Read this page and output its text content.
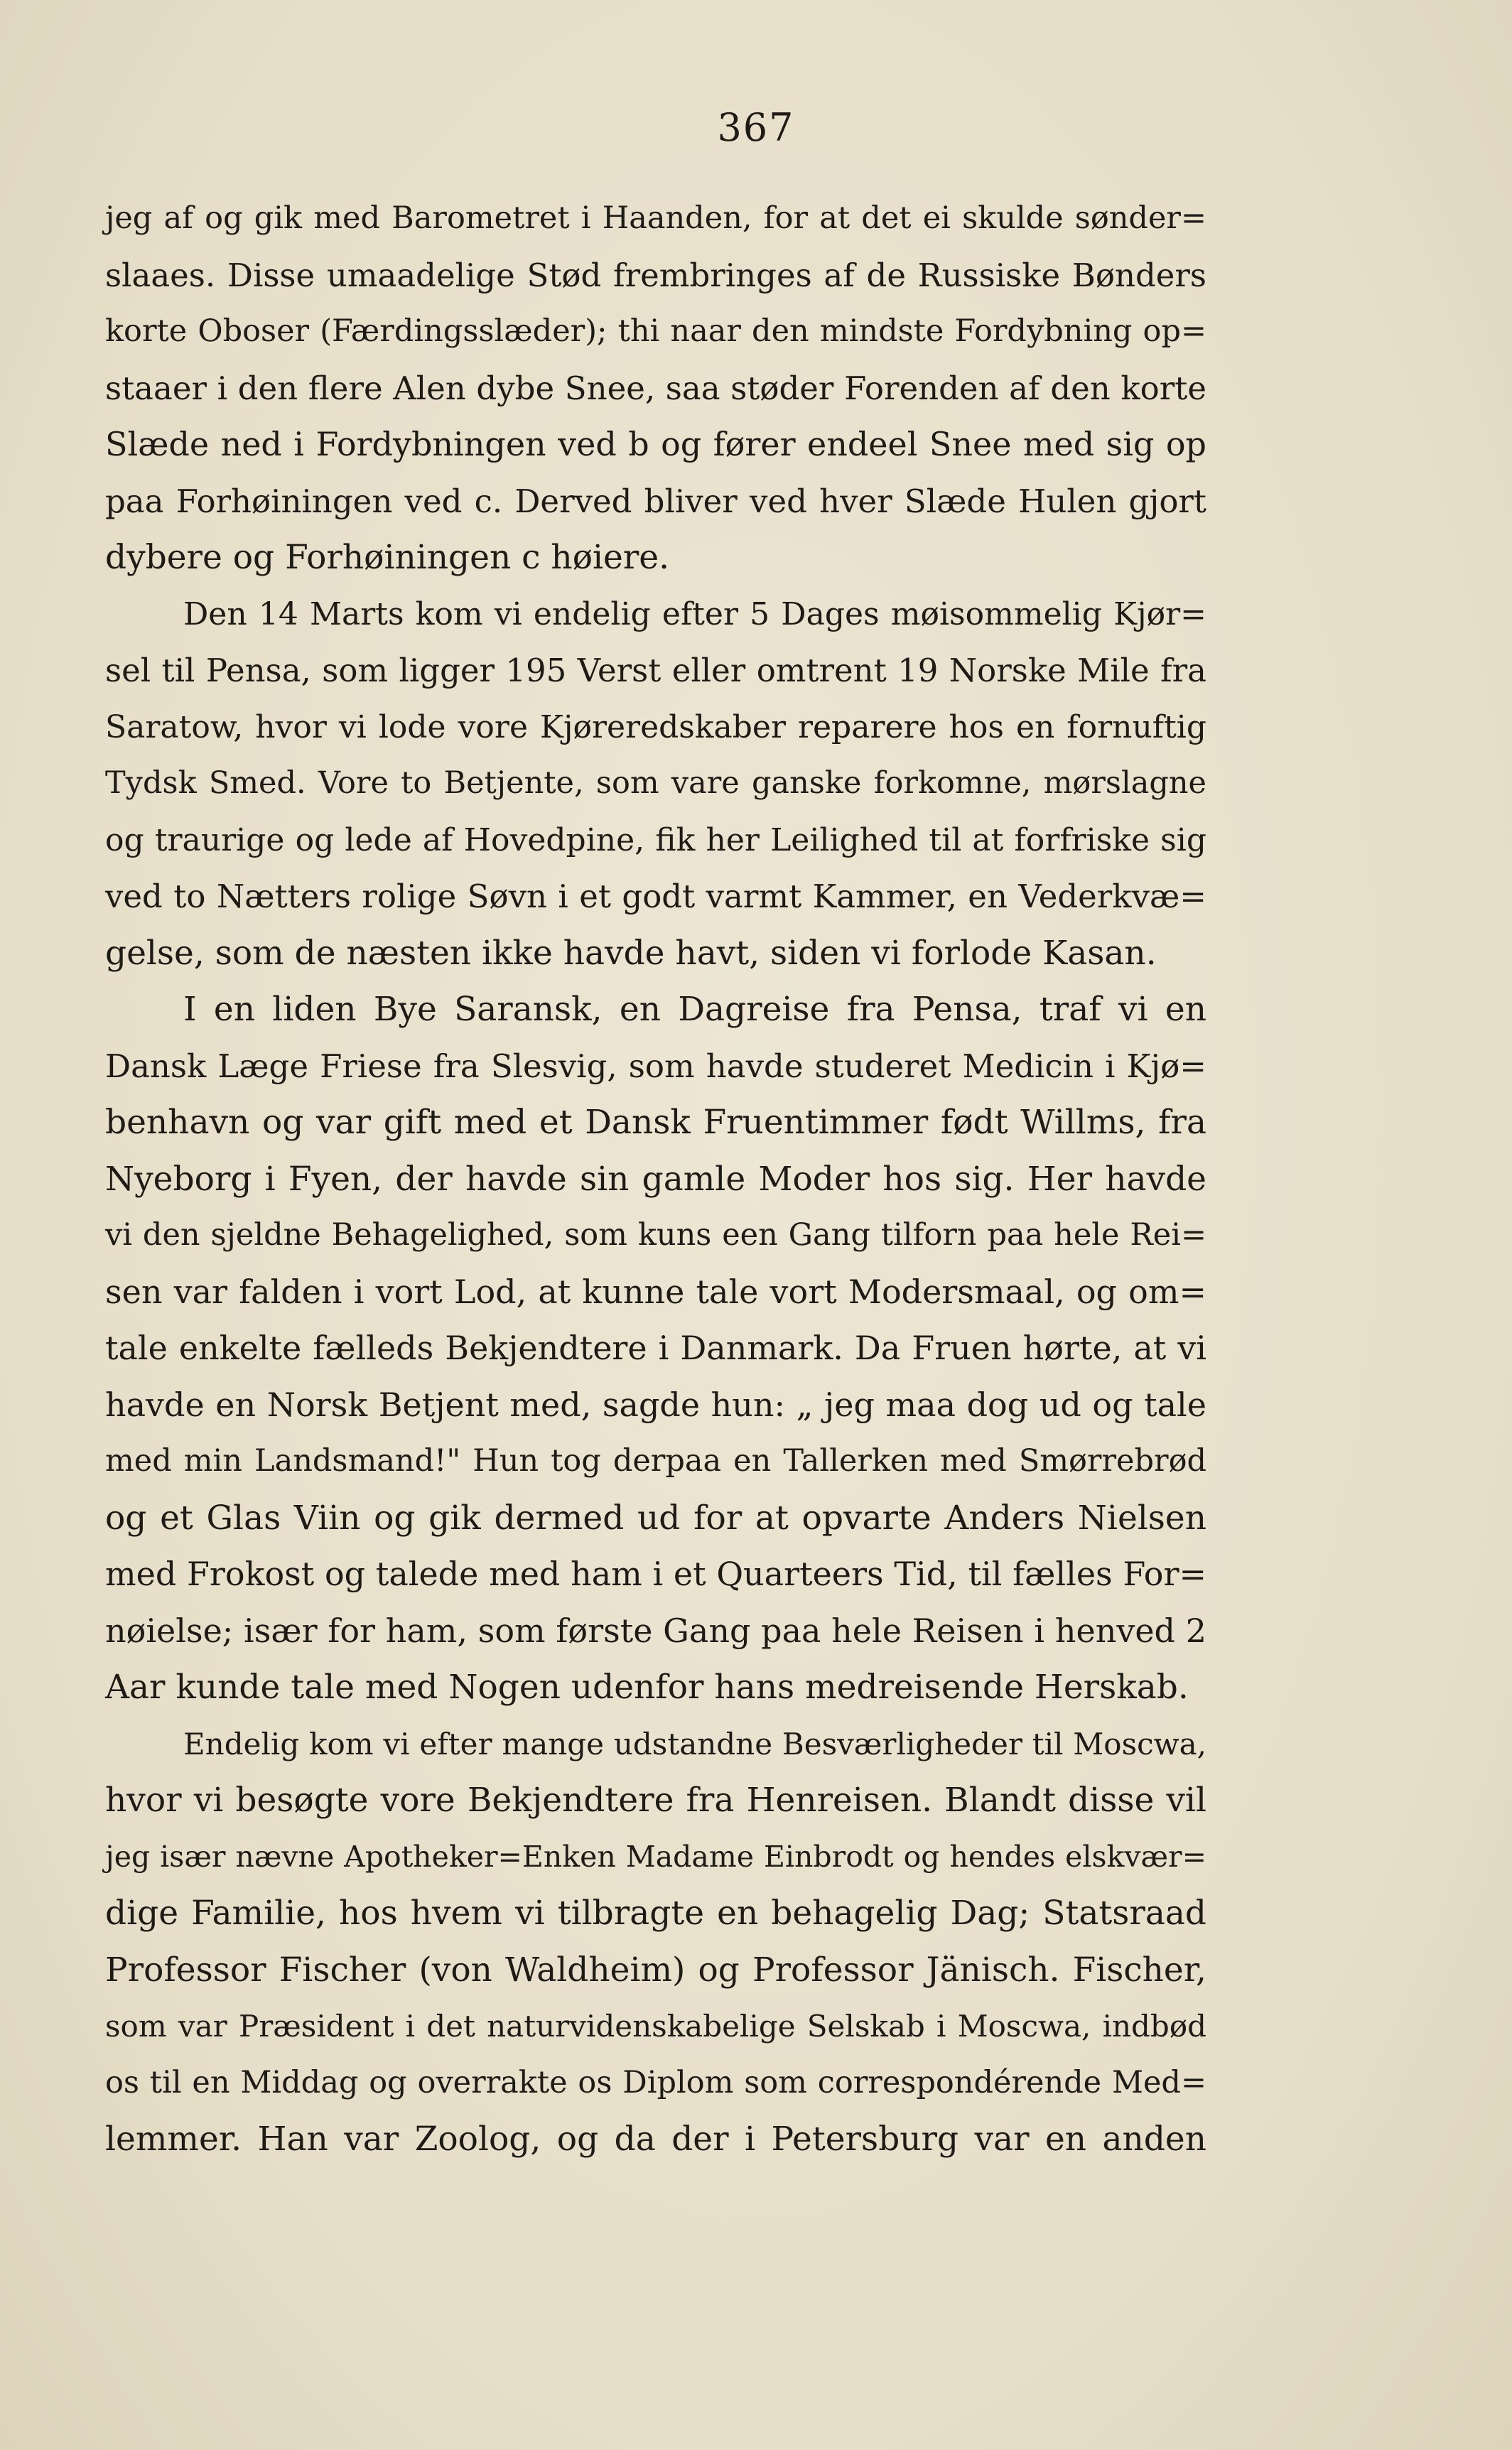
367
jeg af og gik med Barometret i Haanden, for at det ei skulde sønder=
slaaes. Disse umaadelige Stød frembringes af de Russiske Bønders
korte Oboser (Færdingsslæder); thi naar den mindste Fordybning op=
staaer i den flere Alen dybe Snee, saa støder Forenden af den korte
Slæde ned i Fordybningen ved b og fører endeel Snee med sig op
paa Forhøiningen ved c. Derved bliver ved hver Slæde Hulen gjort
dybere og Forhøiningen c høiere.
Den 14 Marts kom vi endelig efter 5 Dages møisommelig Kjør=
sel til Pensa, som ligger 195 Verst eller omtrent 19 Norske Mile fra
Saratow, hvor vi lode vore Kjøreredskaber reparere hos en fornuftig
Tydsk Smed. Vore to Betjente, som vare ganske forkomne, mørslagne
og traurige og lede af Hovedpine, fik her Leilighed til at forfriske sig
ved to Nætters rolige Søvn i et godt varmt Kammer, en Vederkvæ=
gelse, som de næsten ikke havde havt, siden vi forlode Kasan.
I en liden Bye Saransk, en Dagreise fra Pensa, traf vi en
Dansk Læge Friese fra Slesvig, som havde studeret Medicin i Kjø=
benhavn og var gift med et Dansk Fruentimmer født Willms, fra
Nyeborg i Fyen, der havde sin gamle Moder hos sig. Her havde
vi den sjeldne Behagelighed, som kuns een Gang tilforn paa hele Rei=
sen var falden i vort Lod, at kunne tale vort Modersmaal, og om=
tale enkelte fælleds Bekjendtere i Danmark. Da Fruen hørte, at vi
havde en Norsk Betjent med, sagde hun: „ jeg maa dog ud og tale
med min Landsmand!" Hun tog derpaa en Tallerken med Smørrebrød
og et Glas Viin og gik dermed ud for at opvarte Anders Nielsen
med Frokost og talede med ham i et Quarteers Tid, til fælles For=
nøielse; især for ham, som første Gang paa hele Reisen i henved 2
Aar kunde tale med Nogen udenfor hans medreisende Herskab.
Endelig kom vi efter mange udstandne Besværligheder til Moscwa,
hvor vi besøgte vore Bekjendtere fra Henreisen. Blandt disse vil
jeg især nævne Apotheker=Enken Madame Einbrodt og hendes elskvær=
dige Familie, hos hvem vi tilbragte en behagelig Dag; Statsraad
Professor Fischer (von Waldheim) og Professor Jänisch. Fischer,
som var Præsident i det naturvidenskabelige Selskab i Moscwa, indbød
os til en Middag og overrakte os Diplom som correspondérende Med=
lemmer. Han var Zoolog, og da der i Petersburg var en anden
